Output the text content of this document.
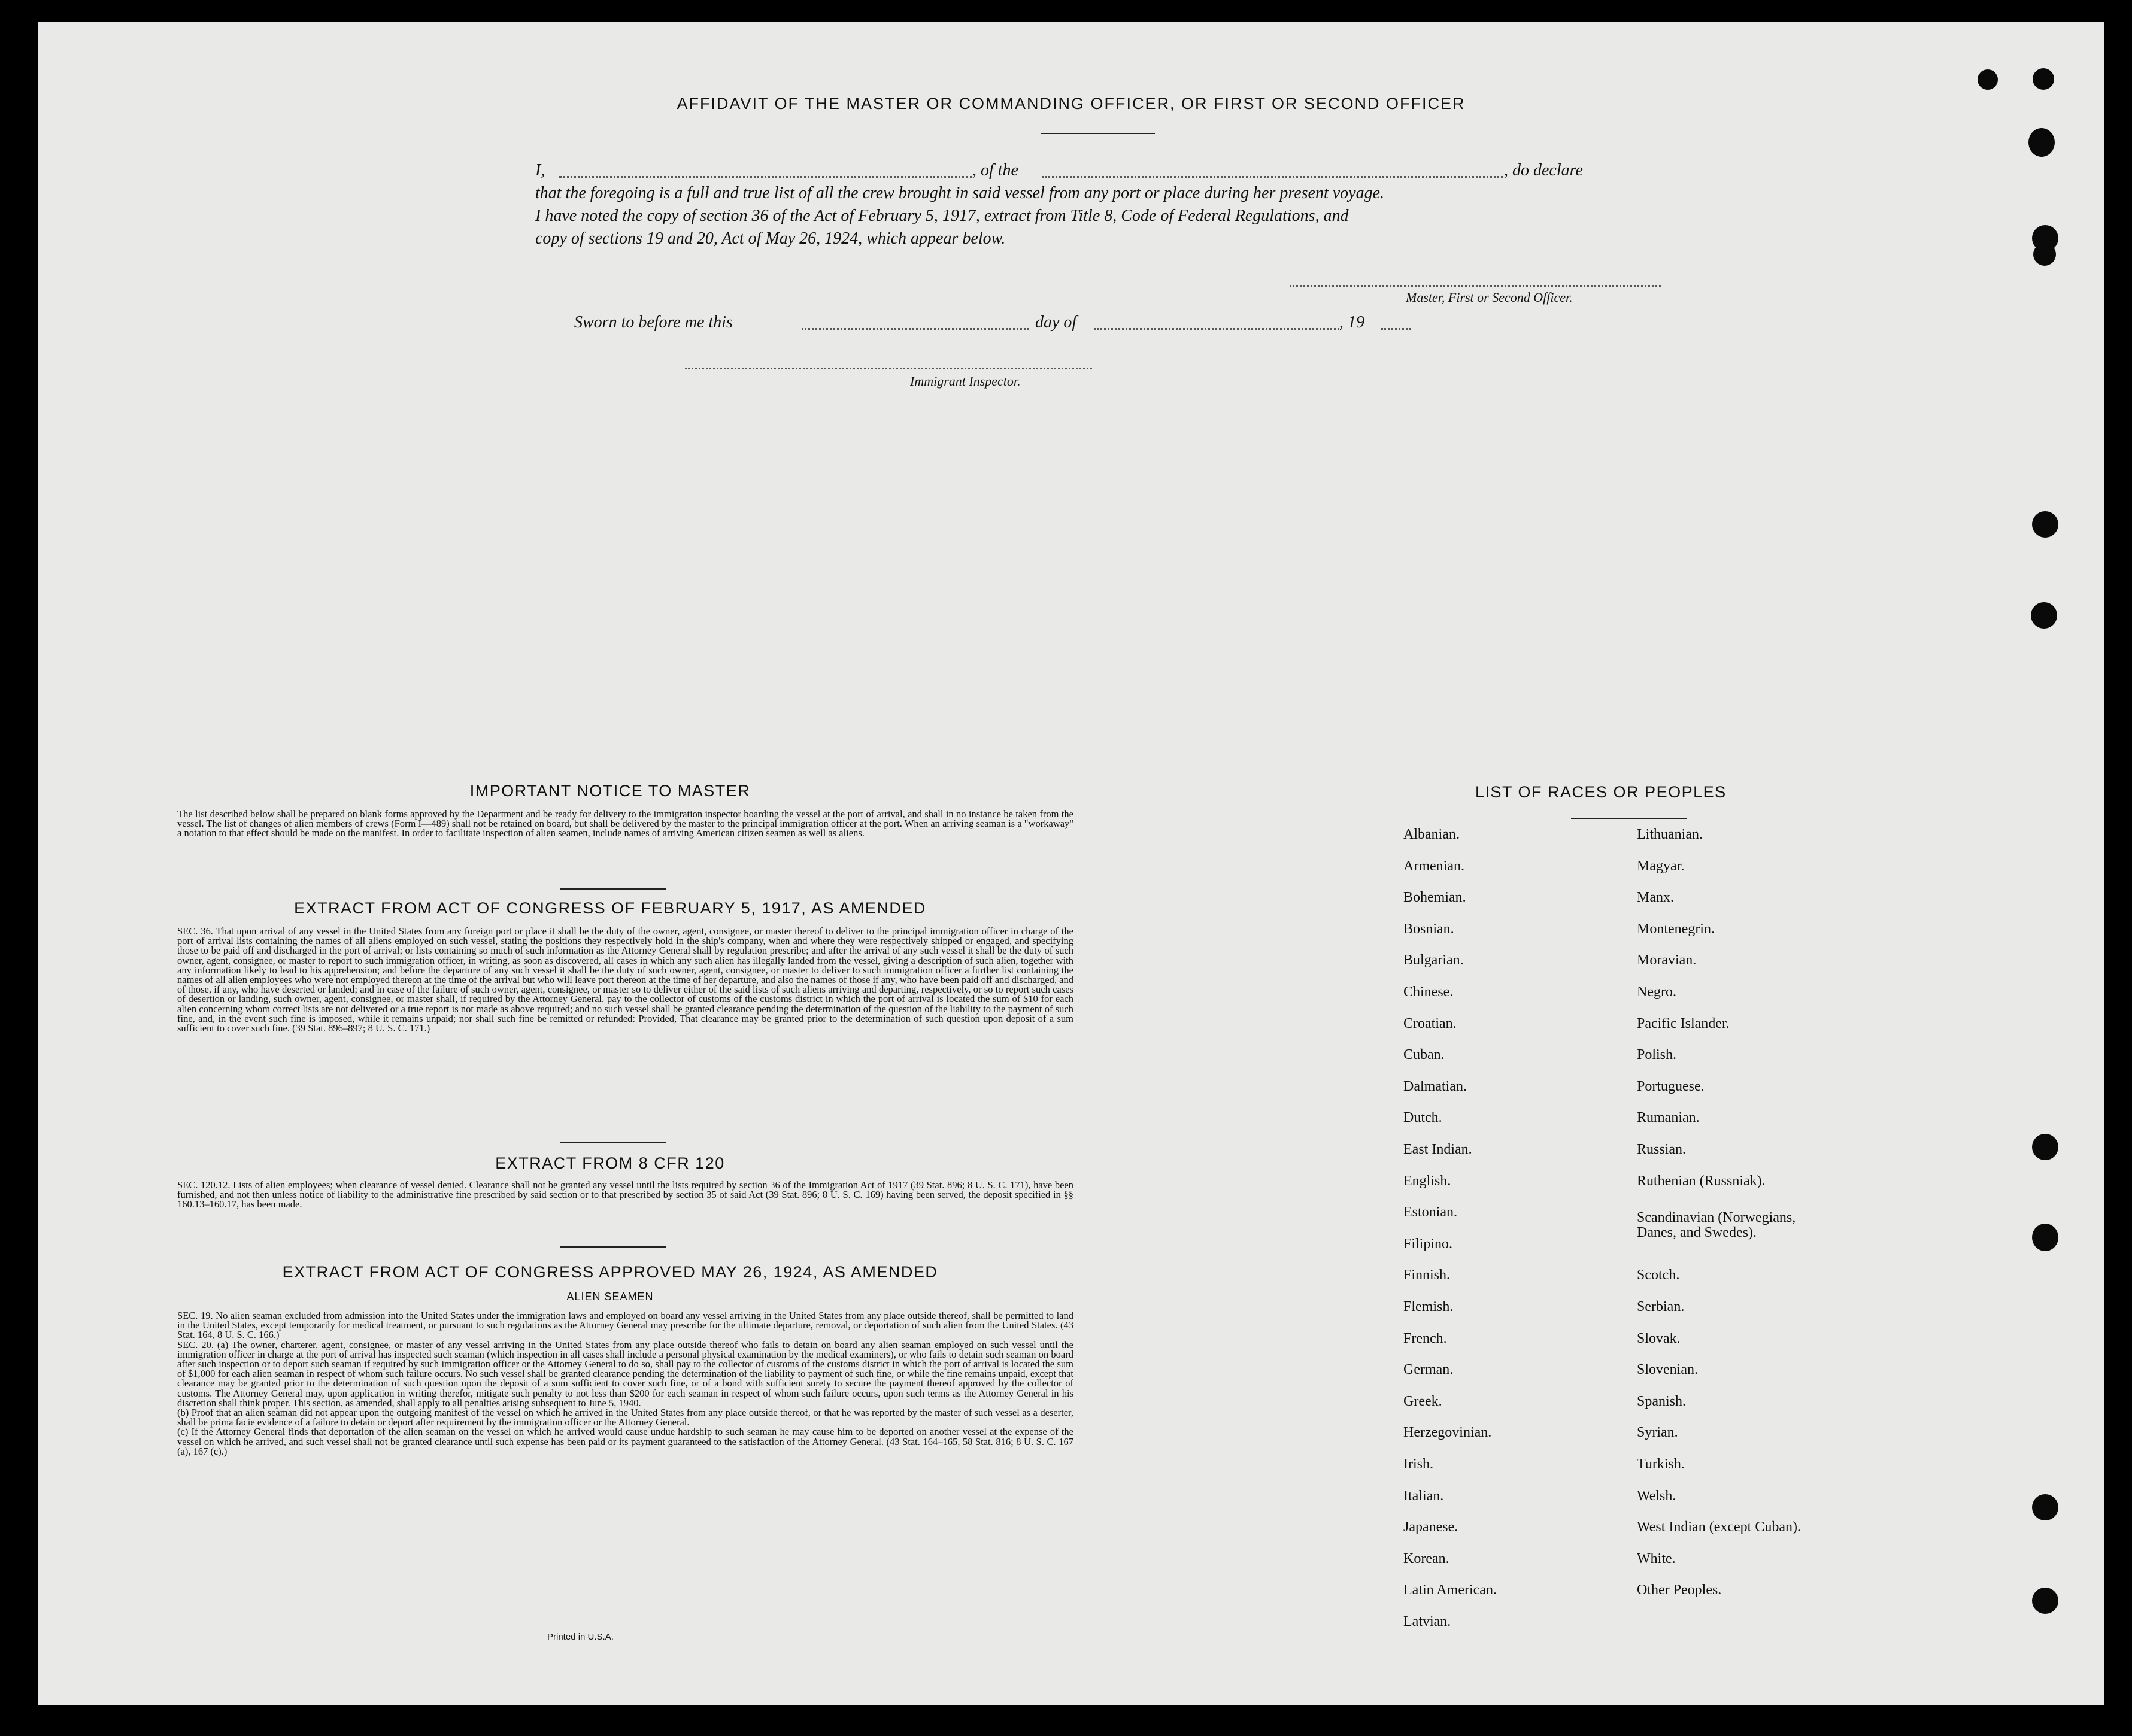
AFFIDAVIT OF THE MASTER OR COMMANDING OFFICER, OR FIRST OR SECOND OFFICER
I,	, of the	, do declare
that the foregoing is a full and true list of all the crew brought in said vessel from any port or place during her present voyage.
I have noted the copy of section 36 of the Act of February 5, 1917, extract from Title 8, Code of Federal Regulations, and
copy of sections 19 and 20, Act of May 26, 1924, which appear below.
Master, First or Second Officer.
Sworn to before me this	day of	, 19
Immigrant Inspector.
IMPORTANT NOTICE TO MASTER
The list described below shall be prepared on blank forms approved by the Department and be ready for delivery to the immigration inspector boarding the vessel at the port of arrival, and shall in no instance be taken from the vessel. The list of changes of alien members of crews (Form I—489) shall not be retained on board, but shall be delivered by the master to the principal immigration officer at the port. When an arriving seaman is a "workaway" a notation to that effect should be made on the manifest. In order to facilitate inspection of alien seamen, include names of arriving American citizen seamen as well as aliens.
EXTRACT FROM ACT OF CONGRESS OF FEBRUARY 5, 1917, AS AMENDED
SEC. 36. That upon arrival of any vessel in the United States from any foreign port or place it shall be the duty of the owner, agent, consignee, or master thereof to deliver to the principal immigration officer in charge of the port of arrival lists containing the names of all aliens employed on such vessel, stating the positions they respectively hold in the ship's company, when and where they were respectively shipped or engaged, and specifying those to be paid off and discharged in the port of arrival; or lists containing so much of such information as the Attorney General shall by regulation prescribe; and after the arrival of any such vessel it shall be the duty of such owner, agent, consignee, or master to report to such immigration officer, in writing, as soon as discovered, all cases in which any such alien has illegally landed from the vessel, giving a description of such alien, together with any information likely to lead to his apprehension; and before the departure of any such vessel it shall be the duty of such owner, agent, consignee, or master to deliver to such immigration officer a further list containing the names of all alien employees who were not employed thereon at the time of the arrival but who will leave port thereon at the time of her departure, and also the names of those if any, who have been paid off and discharged, and of those, if any, who have deserted or landed; and in case of the failure of such owner, agent, consignee, or master so to deliver either of the said lists of such aliens arriving and departing, respectively, or so to report such cases of desertion or landing, such owner, agent, consignee, or master shall, if required by the Attorney General, pay to the collector of customs of the customs district in which the port of arrival is located the sum of $10 for each alien concerning whom correct lists are not delivered or a true report is not made as above required; and no such vessel shall be granted clearance pending the determination of the question of the liability to the payment of such fine, and, in the event such fine is imposed, while it remains unpaid; nor shall such fine be remitted or refunded: Provided, That clearance may be granted prior to the determination of such question upon deposit of a sum sufficient to cover such fine. (39 Stat. 896–897; 8 U. S. C. 171.)
EXTRACT FROM 8 CFR 120
SEC. 120.12. Lists of alien employees; when clearance of vessel denied. Clearance shall not be granted any vessel until the lists required by section 36 of the Immigration Act of 1917 (39 Stat. 896; 8 U. S. C. 171), have been furnished, and not then unless notice of liability to the administrative fine prescribed by said section or to that prescribed by section 35 of said Act (39 Stat. 896; 8 U. S. C. 169) having been served, the deposit specified in §§ 160.13–160.17, has been made.
EXTRACT FROM ACT OF CONGRESS APPROVED MAY 26, 1924, AS AMENDED
ALIEN SEAMEN
SEC. 19. No alien seaman excluded from admission into the United States under the immigration laws and employed on board any vessel arriving in the United States from any place outside thereof, shall be permitted to land in the United States, except temporarily for medical treatment, or pursuant to such regulations as the Attorney General may prescribe for the ultimate departure, removal, or deportation of such alien from the United States. (43 Stat. 164, 8 U. S. C. 166.)
SEC. 20. (a) The owner, charterer, agent, consignee, or master of any vessel arriving in the United States from any place outside thereof who fails to detain on board any alien seaman employed on such vessel until the immigration officer in charge at the port of arrival has inspected such seaman (which inspection in all cases shall include a personal physical examination by the medical examiners), or who fails to detain such seaman on board after such inspection or to deport such seaman if required by such immigration officer or the Attorney General to do so, shall pay to the collector of customs of the customs district in which the port of arrival is located the sum of $1,000 for each alien seaman in respect of whom such failure occurs. No such vessel shall be granted clearance pending the determination of the liability to payment of such fine, or while the fine remains unpaid, except that clearance may be granted prior to the determination of such question upon the deposit of a sum sufficient to cover such fine, or of a bond with sufficient surety to secure the payment thereof approved by the collector of customs. The Attorney General may, upon application in writing therefor, mitigate such penalty to not less than $200 for each seaman in respect of whom such failure occurs, upon such terms as the Attorney General in his discretion shall think proper. This section, as amended, shall apply to all penalties arising subsequent to June 5, 1940.
(b) Proof that an alien seaman did not appear upon the outgoing manifest of the vessel on which he arrived in the United States from any place outside thereof, or that he was reported by the master of such vessel as a deserter, shall be prima facie evidence of a failure to detain or deport after requirement by the immigration officer or the Attorney General.
(c) If the Attorney General finds that deportation of the alien seaman on the vessel on which he arrived would cause undue hardship to such seaman he may cause him to be deported on another vessel at the expense of the vessel on which he arrived, and such vessel shall not be granted clearance until such expense has been paid or its payment guaranteed to the satisfaction of the Attorney General. (43 Stat. 164–165, 58 Stat. 816; 8 U. S. C. 167 (a), 167 (c).)
Printed in U.S.A.
LIST OF RACES OR PEOPLES
Albanian.
Armenian.
Bohemian.
Bosnian.
Bulgarian.
Chinese.
Croatian.
Cuban.
Dalmatian.
Dutch.
East Indian.
English.
Estonian.
Filipino.
Finnish.
Flemish.
French.
German.
Greek.
Herzegovinian.
Irish.
Italian.
Japanese.
Korean.
Latin American.
Latvian.
Lithuanian.
Magyar.
Manx.
Montenegrin.
Moravian.
Negro.
Pacific Islander.
Polish.
Portuguese.
Rumanian.
Russian.
Ruthenian (Russniak).
Scandinavian (Norwegians,
Danes, and Swedes).
Scotch.
Serbian.
Slovak.
Slovenian.
Spanish.
Syrian.
Turkish.
Welsh.
West Indian (except Cuban).
White.
Other Peoples.
